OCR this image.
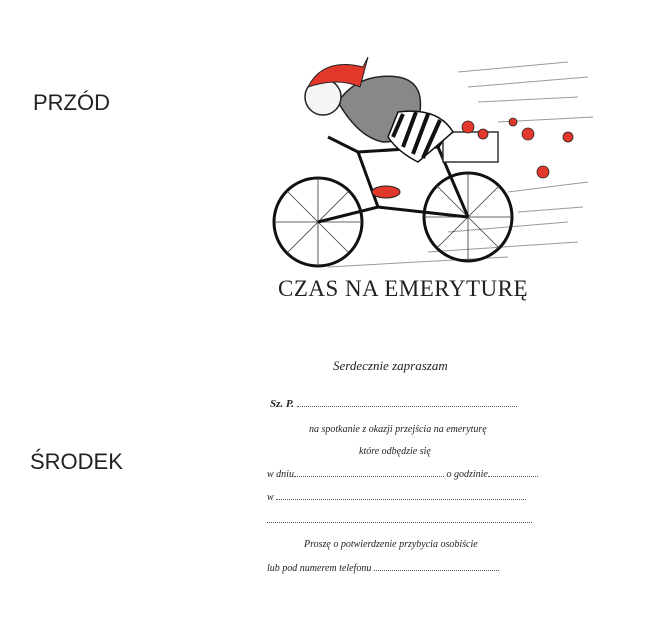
PRZÓD
ŚRODEK
CZAS NA EMERYTURĘ
Serdecznie zapraszam
Sz. P.
na spotkanie z okazji przejścia na emeryturę
które odbędzie się
w dniu	o godzinie
w
Proszę o potwierdzenie przybycia osobiście
lub pod numerem telefonu
